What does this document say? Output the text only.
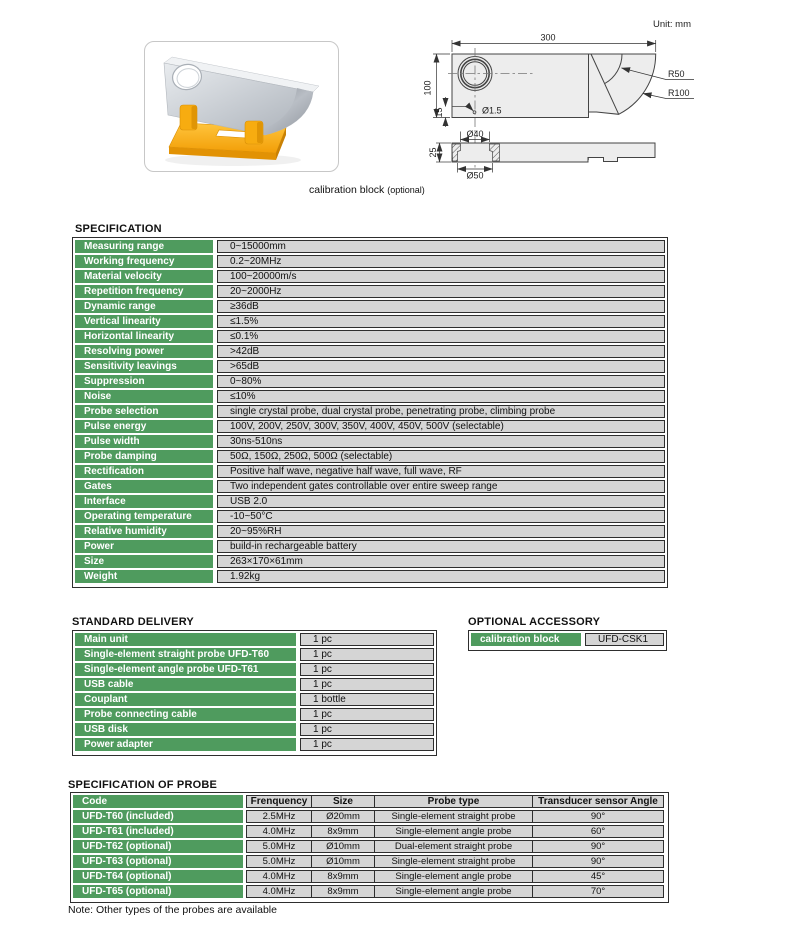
calibration block (optional)
Unit: mm
300
100
15	Ø1.5
R50
R100
Ø40
Ø50
25
SPECIFICATION
Measuring range	0~15000mm
Working frequency	0.2~20MHz
Material velocity	100~20000m/s
Repetition frequency	20~2000Hz
Dynamic range	≥36dB
Vertical linearity	≤1.5%
Horizontal linearity	≤0.1%
Resolving power	>42dB
Sensitivity leavings	>65dB
Suppression	0~80%
Noise	≤10%
Probe selection	single crystal probe, dual crystal probe, penetrating probe, climbing probe
Pulse energy	100V, 200V, 250V, 300V, 350V, 400V, 450V, 500V (selectable)
Pulse width	30ns-510ns
Probe damping	50Ω, 150Ω, 250Ω, 500Ω (selectable)
Rectification	Positive half wave, negative half wave, full wave, RF
Gates	Two independent gates controllable over entire sweep range
Interface	USB 2.0
Operating temperature	-10~50°C
Relative humidity	20~95%RH
Power	build-in rechargeable battery
Size	263×170×61mm
Weight	1.92kg
STANDARD DELIVERY
Main unit	1 pc
Single-element straight probe UFD-T60	1 pc
Single-element angle probe UFD-T61	1 pc
USB cable	1 pc
Couplant	1 bottle
Probe connecting cable	1 pc
USB disk	1 pc
Power adapter	1 pc
OPTIONAL ACCESSORY
calibration block	UFD-CSK1
SPECIFICATION OF PROBE
Code	Frenquency	Size	Probe type	Transducer sensor Angle
UFD-T60 (included)	2.5MHz	Ø20mm	Single-element straight probe	90°
UFD-T61 (included)	4.0MHz	8x9mm	Single-element angle probe	60°
UFD-T62 (optional)	5.0MHz	Ø10mm	Dual-element straight probe	90°
UFD-T63 (optional)	5.0MHz	Ø10mm	Single-element straight probe	90°
UFD-T64 (optional)	4.0MHz	8x9mm	Single-element angle probe	45°
UFD-T65 (optional)	4.0MHz	8x9mm	Single-element angle probe	70°
Note: Other types of the probes are available
